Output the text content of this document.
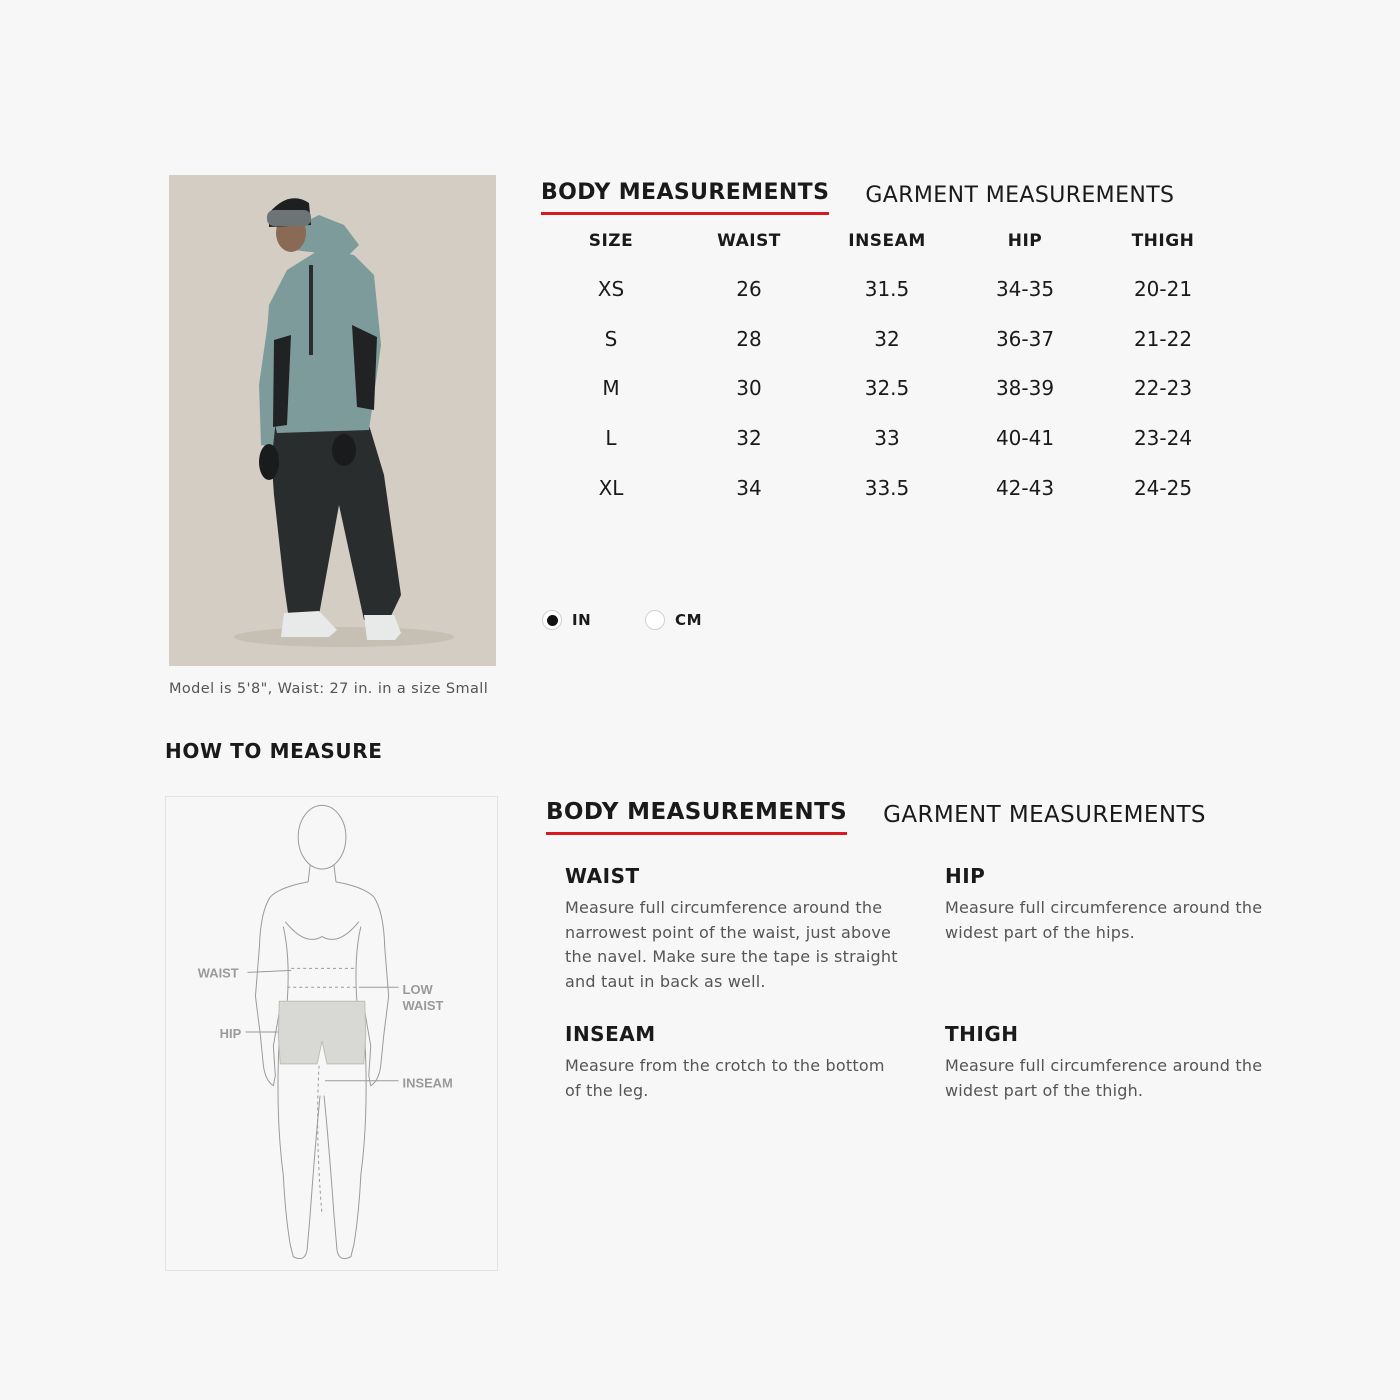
Model is 5'8", Waist: 27 in. in a size Small
BODY MEASUREMENTS GARMENT MEASUREMENTS
SIZE	WAIST	INSEAM	HIP	THIGH
XS	26	31.5	34-35	20-21
S	28	32	36-37	21-22
M	30	32.5	38-39	22-23
L	32	33	40-41	23-24
XL	34	33.5	42-43	24-25
IN	CM
HOW TO MEASURE
WAIST
LOW
WAIST
HIP
INSEAM
BODY MEASUREMENTS GARMENT MEASUREMENTS
WAIST

Measure full circumference around the narrowest point of the waist, just above the navel. Make sure the tape is straight and taut in back as well.

HIP

Measure full circumference around the widest part of the hips.

INSEAM

Measure from the crotch to the bottom of the leg.

THIGH

Measure full circumference around the widest part of the thigh.
